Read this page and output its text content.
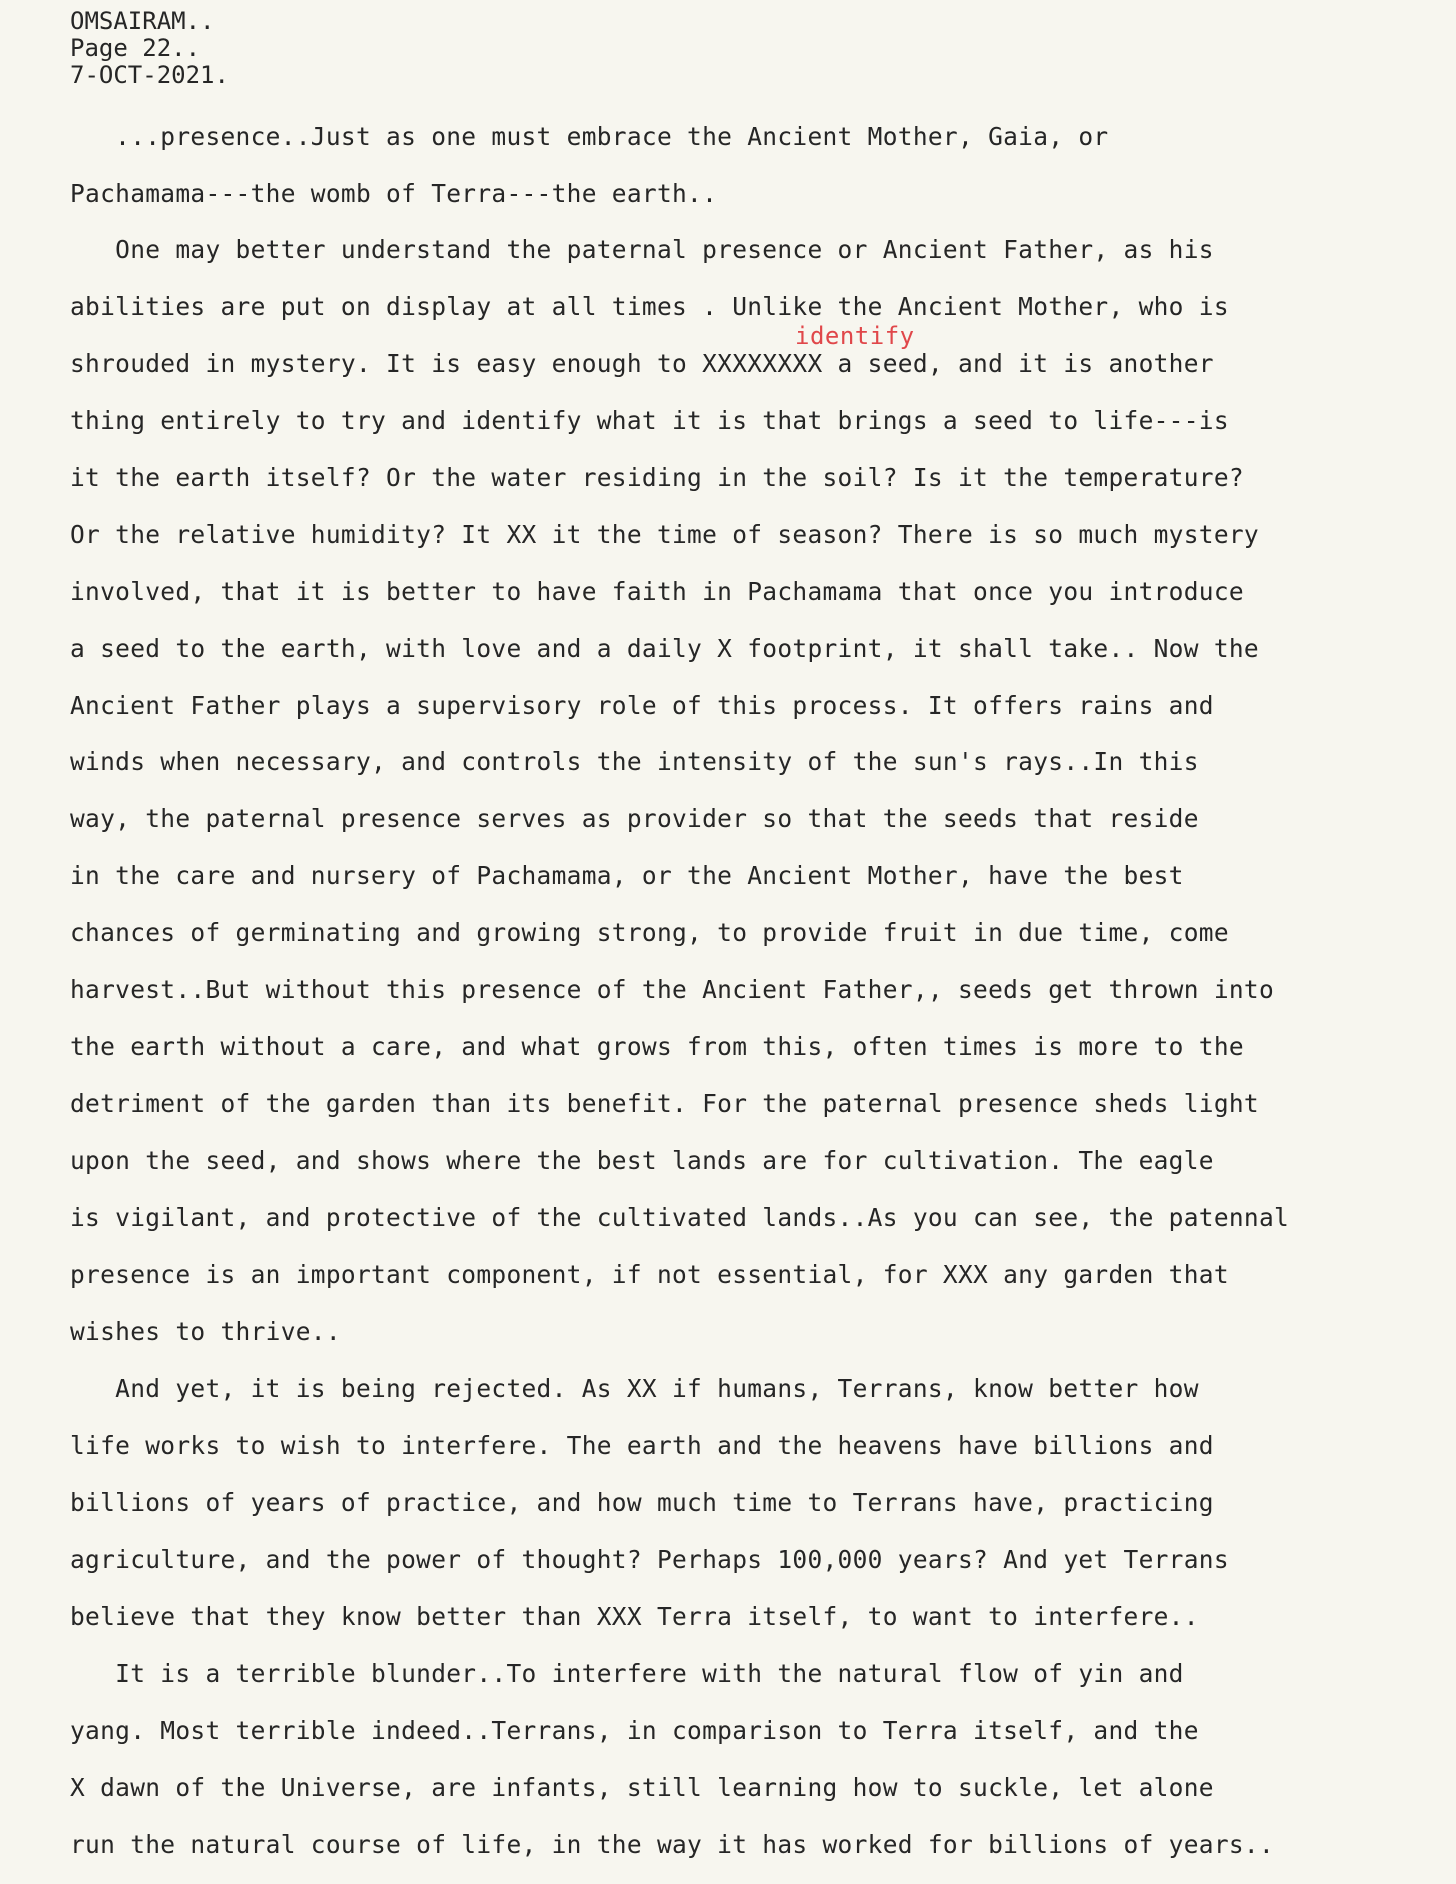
OMSAIRAM..
Page 22..
7-OCT-2021.
identify
...presence..Just as one must embrace the Ancient Mother, Gaia, or
Pachamama---the womb of Terra---the earth..
One may better understand the paternal presence or Ancient Father, as his
abilities are put on display at all times . Unlike the Ancient Mother, who is
shrouded in mystery. It is easy enough to XXXXXXXX a seed, and it is another
thing entirely to try and identify what it is that brings a seed to life---is
it the earth itself? Or the water residing in the soil? Is it the temperature?
Or the relative humidity? It XX it the time of season? There is so much mystery
involved, that it is better to have faith in Pachamama that once you introduce
a seed to the earth, with love and a daily X footprint, it shall take.. Now the
Ancient Father plays a supervisory role of this process. It offers rains and
winds when necessary, and controls the intensity of the sun's rays..In this
way, the paternal presence serves as provider so that the seeds that reside
in the care and nursery of Pachamama, or the Ancient Mother, have the best
chances of germinating and growing strong, to provide fruit in due time, come
harvest..But without this presence of the Ancient Father,, seeds get thrown into
the earth without a care, and what grows from this, often times is more to the
detriment of the garden than its benefit. For the paternal presence sheds light
upon the seed, and shows where the best lands are for cultivation. The eagle
is vigilant, and protective of the cultivated lands..As you can see, the patennal
presence is an important component, if not essential, for XXX any garden that
wishes to thrive..
And yet, it is being rejected. As XX if humans, Terrans, know better how
life works to wish to interfere. The earth and the heavens have billions and
billions of years of practice, and how much time to Terrans have, practicing
agriculture, and the power of thought? Perhaps 100,000 years? And yet Terrans
believe that they know better than XXX Terra itself, to want to interfere..
It is a terrible blunder..To interfere with the natural flow of yin and
yang. Most terrible indeed..Terrans, in comparison to Terra itself, and the
X dawn of the Universe, are infants, still learning how to suckle, let alone
run the natural course of life, in the way it has worked for billions of years..
